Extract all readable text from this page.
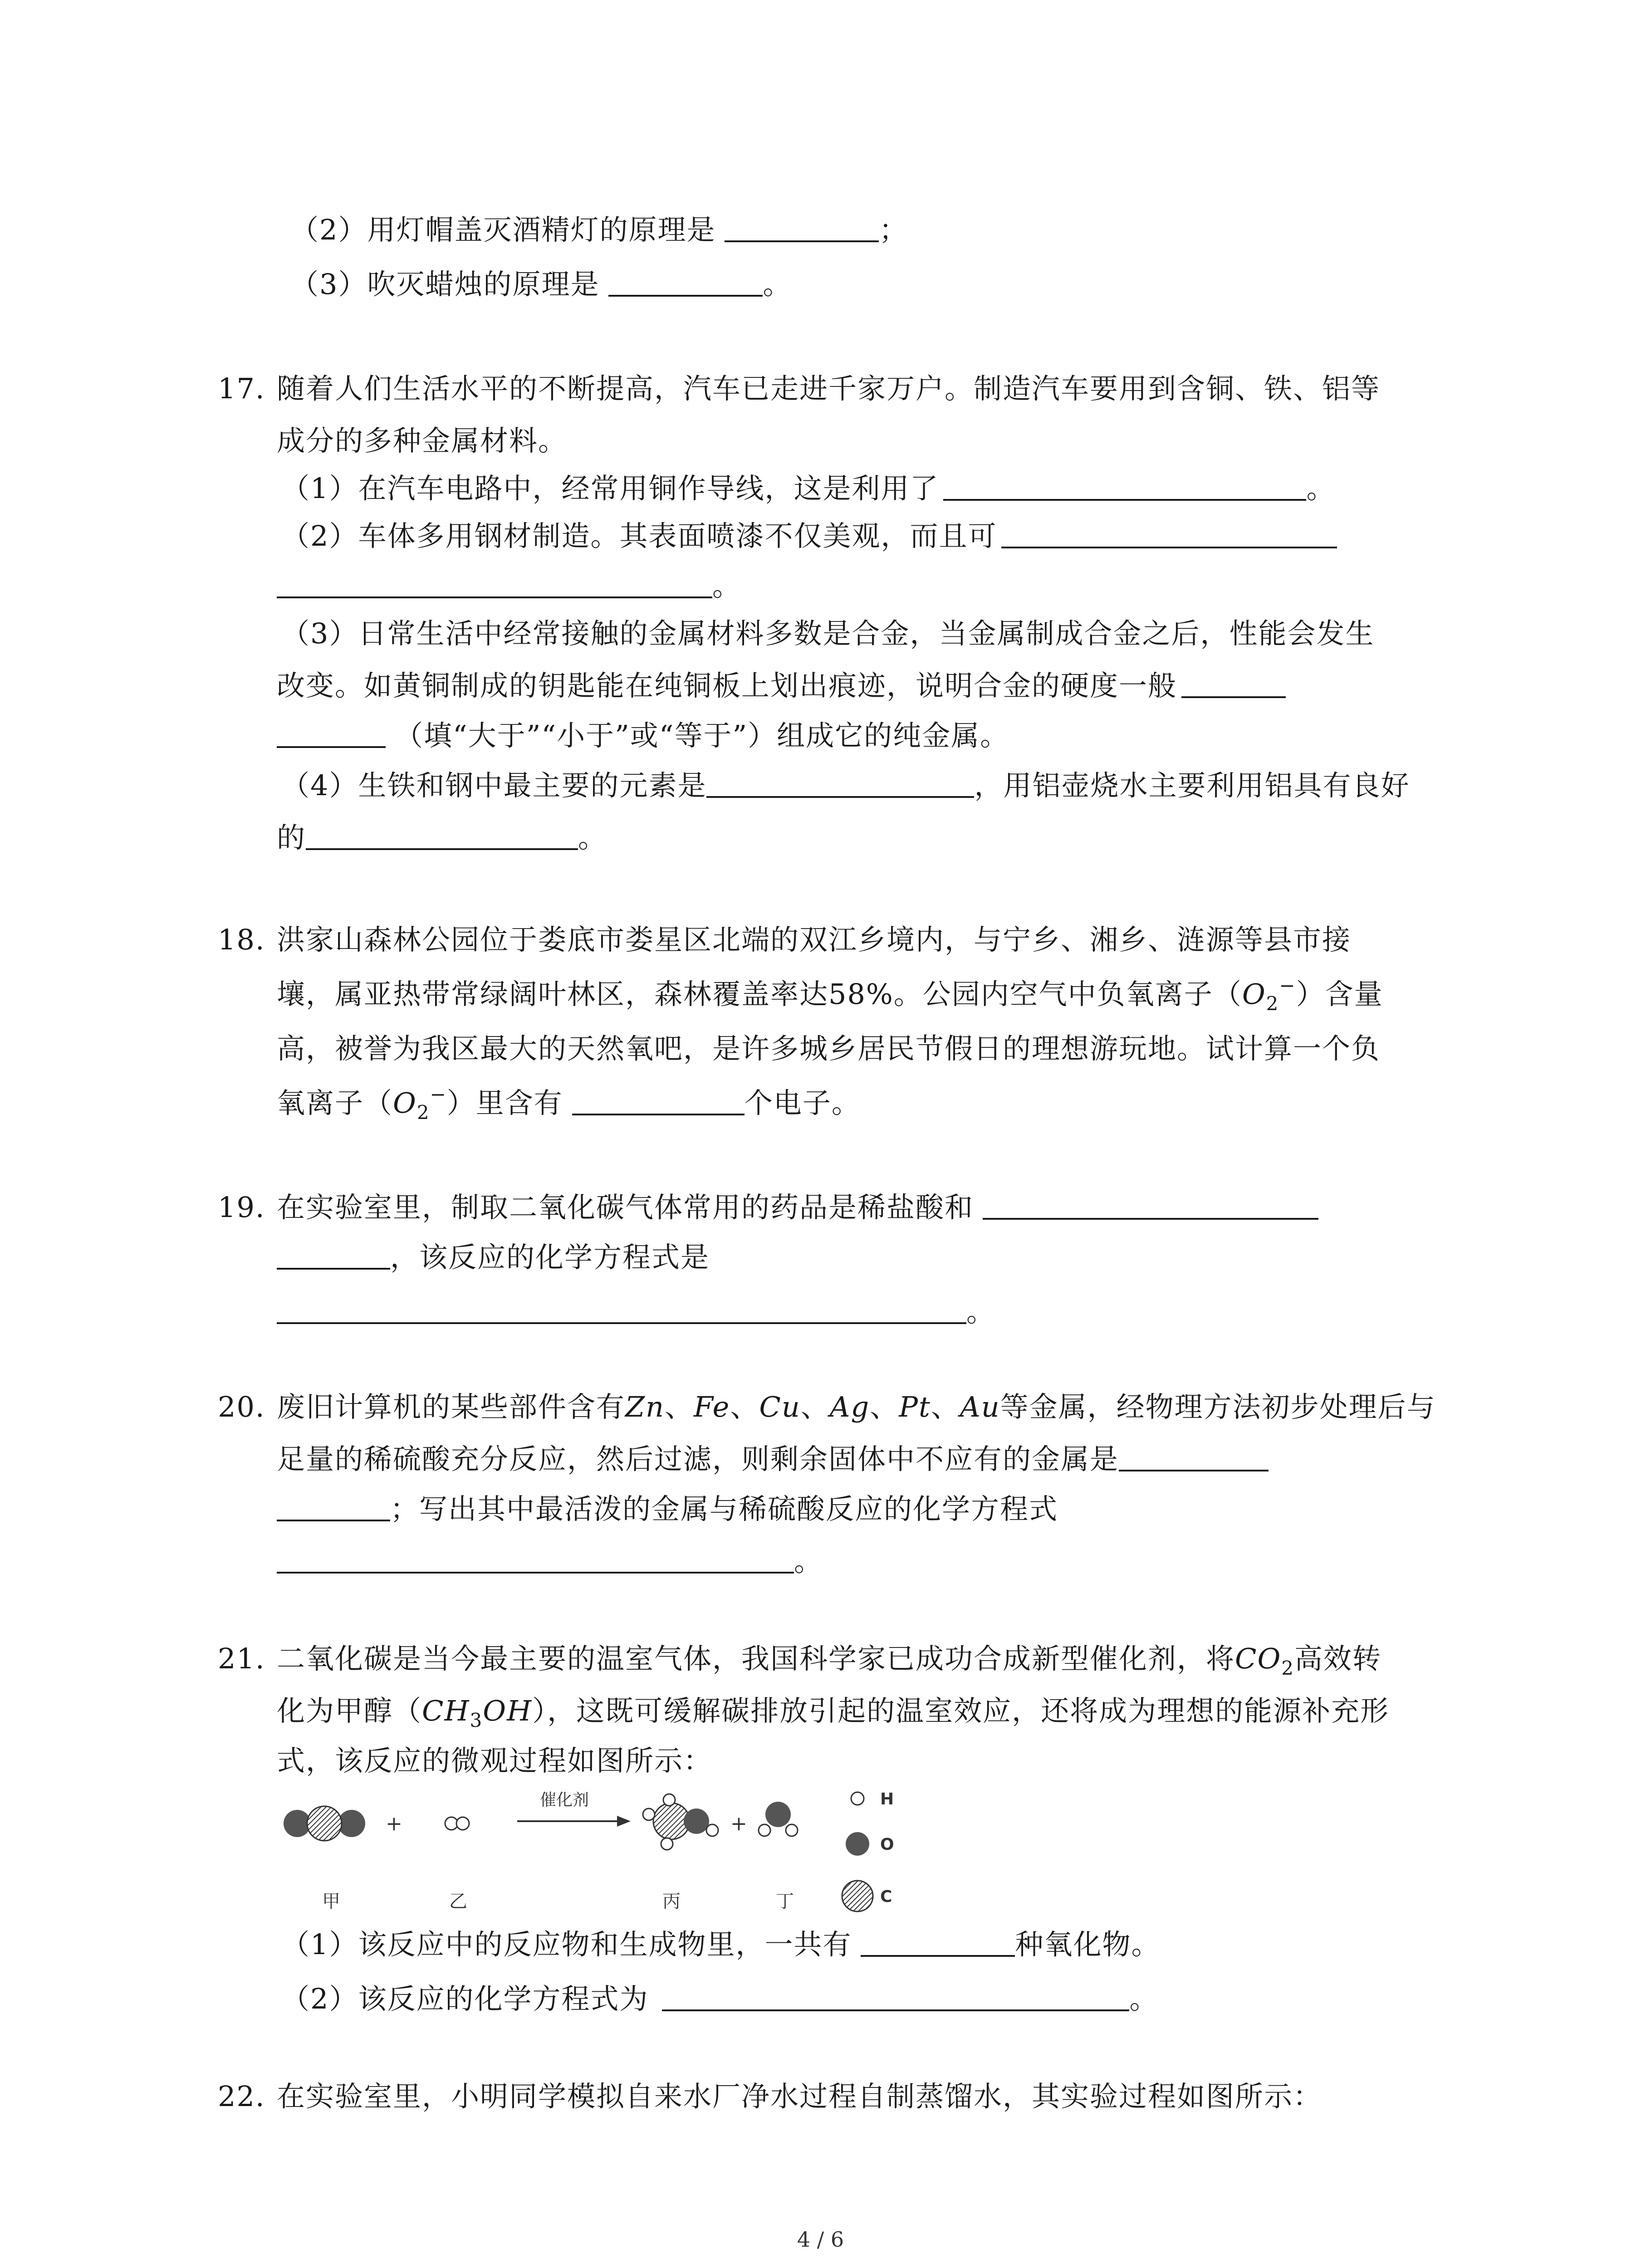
（2）用灯帽盖灭酒精灯的原理是	；
（3）吹灭蜡烛的原理是	。
17. 随着人们生活水平的不断提高，汽车已走进千家万户。制造汽车要用到含铜、铁、铝等
成分的多种金属材料。
（1）在汽车电路中，经常用铜作导线，这是利用了	。
（2）车体多用钢材制造。其表面喷漆不仅美观，而且可
。
（3）日常生活中经常接触的金属材料多数是合金，当金属制成合金之后，性能会发生
改变。如黄铜制成的钥匙能在纯铜板上划出痕迹，说明合金的硬度一般
（填“大于”“小于”或“等于”）组成它的纯金属。
（4）生铁和钢中最主要的元素是	，用铝壶烧水主要利用铝具有良好
的	。
18. 洪家山森林公园位于娄底市娄星区北端的双江乡境内，与宁乡、湘乡、涟源等县市接
壤，属亚热带常绿阔叶林区，森林覆盖率达58%。公园内空气中负氧离子$(O_2^-)$含量
高，被誉为我区最大的天然氧吧，是许多城乡居民节假日的理想游玩地。试计算一个负
氧离子$(O_2^-)$里含有	个电子。
19. 在实验室里，制取二氧化碳气体常用的药品是稀盐酸和
，该反应的化学方程式是
。
20. 废旧计算机的某些部件含有Zn、Fe、Cu、Ag、Pt、Au等金属，经物理方法初步处理后与
足量的稀硫酸充分反应，然后过滤，则剩余固体中不应有的金属是
；写出其中最活泼的金属与稀硫酸反应的化学方程式
。
21. 二氧化碳是当今最主要的温室气体，我国科学家已成功合成新型催化剂，将$CO_2$高效转
化为甲醇$(CH_3OH)$，这既可缓解碳排放引起的温室效应，还将成为理想的能源补充形
式，该反应的微观过程如图所示：
+
催化剂
+
H
O
C
甲	乙	丙	丁
（1）该反应中的反应物和生成物里，一共有	种氧化物。
（2）该反应的化学方程式为	。
22. 在实验室里，小明同学模拟自来水厂净水过程自制蒸馏水，其实验过程如图所示：
4 / 6
